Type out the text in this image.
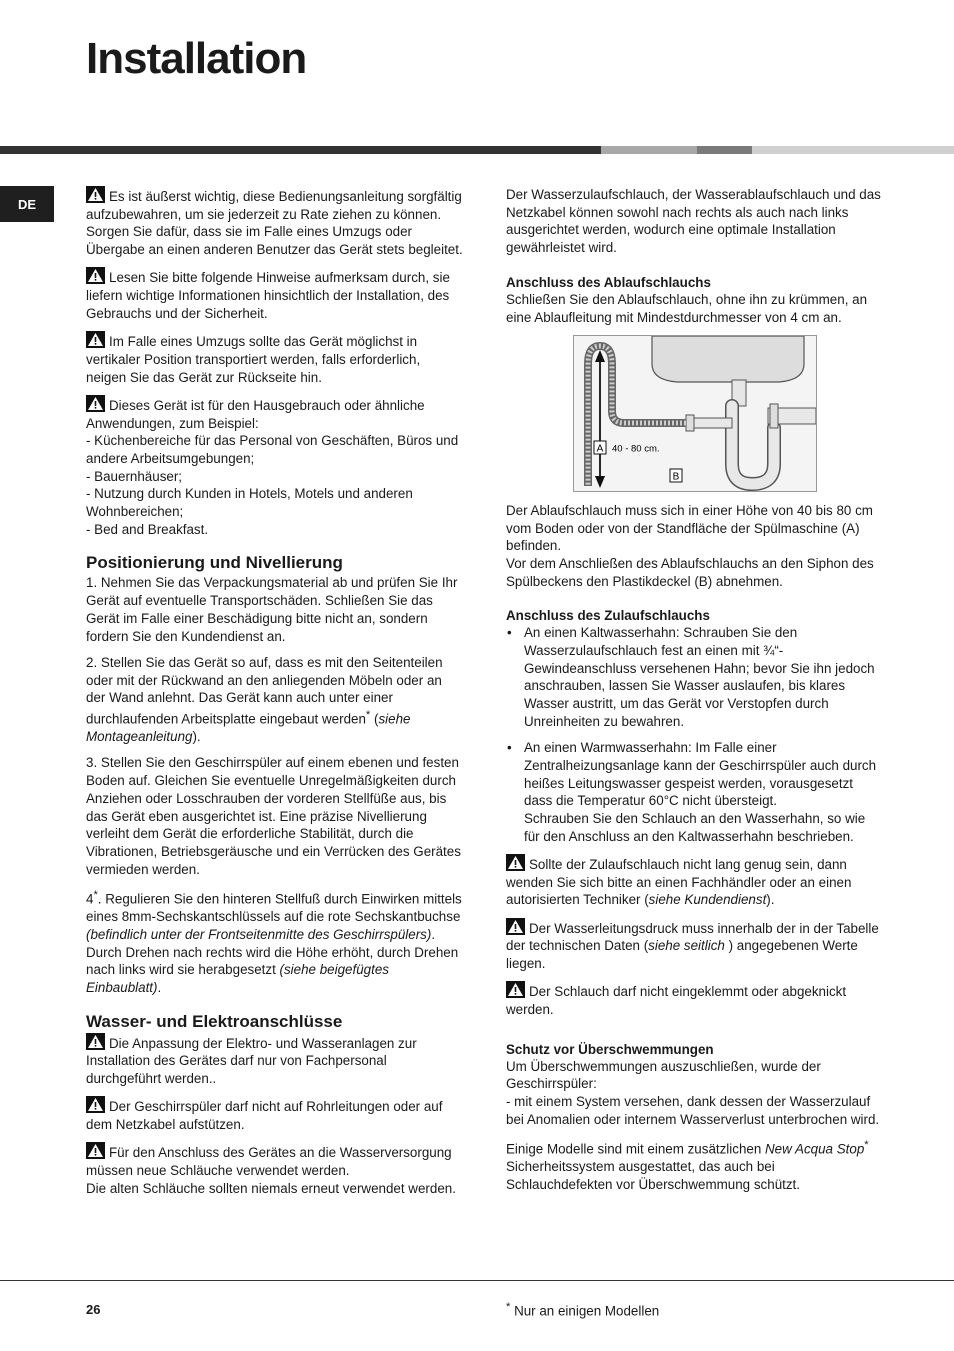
Installation
DE	Es ist äußerst wichtig, diese Bedienungsanleitung sorgfältig aufzubewahren, um sie jederzeit zu Rate ziehen zu können. Sorgen Sie dafür, dass sie im Falle eines Umzugs oder Übergabe an einen anderen Benutzer das Gerät stets begleitet.

Lesen Sie bitte folgende Hinweise aufmerksam durch, sie liefern wichtige Informationen hinsichtlich der Installation, des Gebrauchs und der Sicherheit.

Im Falle eines Umzugs sollte das Gerät möglichst in vertikaler Position transportiert werden, falls erforderlich, neigen Sie das Gerät zur Rückseite hin.

Dieses Gerät ist für den Hausgebrauch oder ähnliche Anwendungen, zum Beispiel:
- Küchenbereiche für das Personal von Geschäften, Büros und andere Arbeitsumgebungen;
- Bauernhäuser;
- Nutzung durch Kunden in Hotels, Motels und anderen Wohnbereichen;
- Bed and Breakfast.

Positionierung und Nivellierung

1. Nehmen Sie das Verpackungsmaterial ab und prüfen Sie Ihr Gerät auf eventuelle Transportschäden. Schließen Sie das Gerät im Falle einer Beschädigung bitte nicht an, sondern fordern Sie den Kundendienst an.

2. Stellen Sie das Gerät so auf, dass es mit den Seitenteilen oder mit der Rückwand an den anliegenden Möbeln oder an der Wand anlehnt. Das Gerät kann auch unter einer durchlaufenden Arbeitsplatte eingebaut werden* (siehe Montageanleitung).

3. Stellen Sie den Geschirrspüler auf einem ebenen und festen Boden auf. Gleichen Sie eventuelle Unregelmäßigkeiten durch Anziehen oder Losschrauben der vorderen Stellfüße aus, bis das Gerät eben ausgerichtet ist. Eine präzise Nivellierung verleiht dem Gerät die erforderliche Stabilität, durch die Vibrationen, Betriebsgeräusche und ein Verrücken des Gerätes vermieden werden.

4*. Regulieren Sie den hinteren Stellfuß durch Einwirken mittels eines 8mm-Sechskantschlüssels auf die rote Sechskantbuchse (befindlich unter der Frontseitenmitte des Geschirrspülers). Durch Drehen nach rechts wird die Höhe erhöht, durch Drehen nach links wird sie herabgesetzt (siehe beigefügtes Einbaublatt).

Wasser- und Elektroanschlüsse

Die Anpassung der Elektro- und Wasseranlagen zur Installation des Gerätes darf nur von Fachpersonal durchgeführt werden..

Der Geschirrspüler darf nicht auf Rohrleitungen oder auf dem Netzkabel aufstützen.

Für den Anschluss des Gerätes an die Wasserversorgung müssen neue Schläuche verwendet werden.
Die alten Schläuche sollten niemals erneut verwendet werden.

Der Wasserzulaufschlauch, der Wasserablaufschlauch und das Netzkabel können sowohl nach rechts als auch nach links ausgerichtet werden, wodurch eine optimale Installation gewährleistet wird.

Anschluss des Ablaufschlauchs

Schließen Sie den Ablaufschlauch, ohne ihn zu krümmen, an eine Ablaufleitung mit Mindestdurchmesser von 4 cm an.

A 40 - 80 cm.
B

Der Ablaufschlauch muss sich in einer Höhe von 40 bis 80 cm vom Boden oder von der Standfläche der Spülmaschine (A) befinden.
Vor dem Anschließen des Ablaufschlauchs an den Siphon des Spülbeckens den Plastikdeckel (B) abnehmen.

Anschluss des Zulaufschlauchs
• An einen Kaltwasserhahn: Schrauben Sie den Wasserzulaufschlauch fest an einen mit ¾“-Gewindeanschluss versehenen Hahn; bevor Sie ihn jedoch anschrauben, lassen Sie Wasser auslaufen, bis klares Wasser austritt, um das Gerät vor Verstopfen durch Unreinheiten zu bewahren.
• An einen Warmwasserhahn: Im Falle einer Zentralheizungsanlage kann der Geschirrspüler auch durch heißes Leitungswasser gespeist werden, vorausgesetzt dass die Temperatur 60°C nicht übersteigt.
Schrauben Sie den Schlauch an den Wasserhahn, so wie für den Anschluss an den Kaltwasserhahn beschrieben.

Sollte der Zulaufschlauch nicht lang genug sein, dann wenden Sie sich bitte an einen Fachhändler oder an einen autorisierten Techniker (siehe Kundendienst).

Der Wasserleitungsdruck muss innerhalb der in der Tabelle der technischen Daten (siehe seitlich ) angegebenen Werte liegen.

Der Schlauch darf nicht eingeklemmt oder abgeknickt werden.

Schutz vor Überschwemmungen

Um Überschwemmungen auszuschließen, wurde der Geschirrspüler:
- mit einem System versehen, dank dessen der Wasserzulauf bei Anomalien oder internem Wasserverlust unterbrochen wird.

Einige Modelle sind mit einem zusätzlichen New Acqua Stop* Sicherheitssystem ausgestattet, das auch bei Schlauchdefekten vor Überschwemmung schützt.

26	* Nur an einigen Modellen
